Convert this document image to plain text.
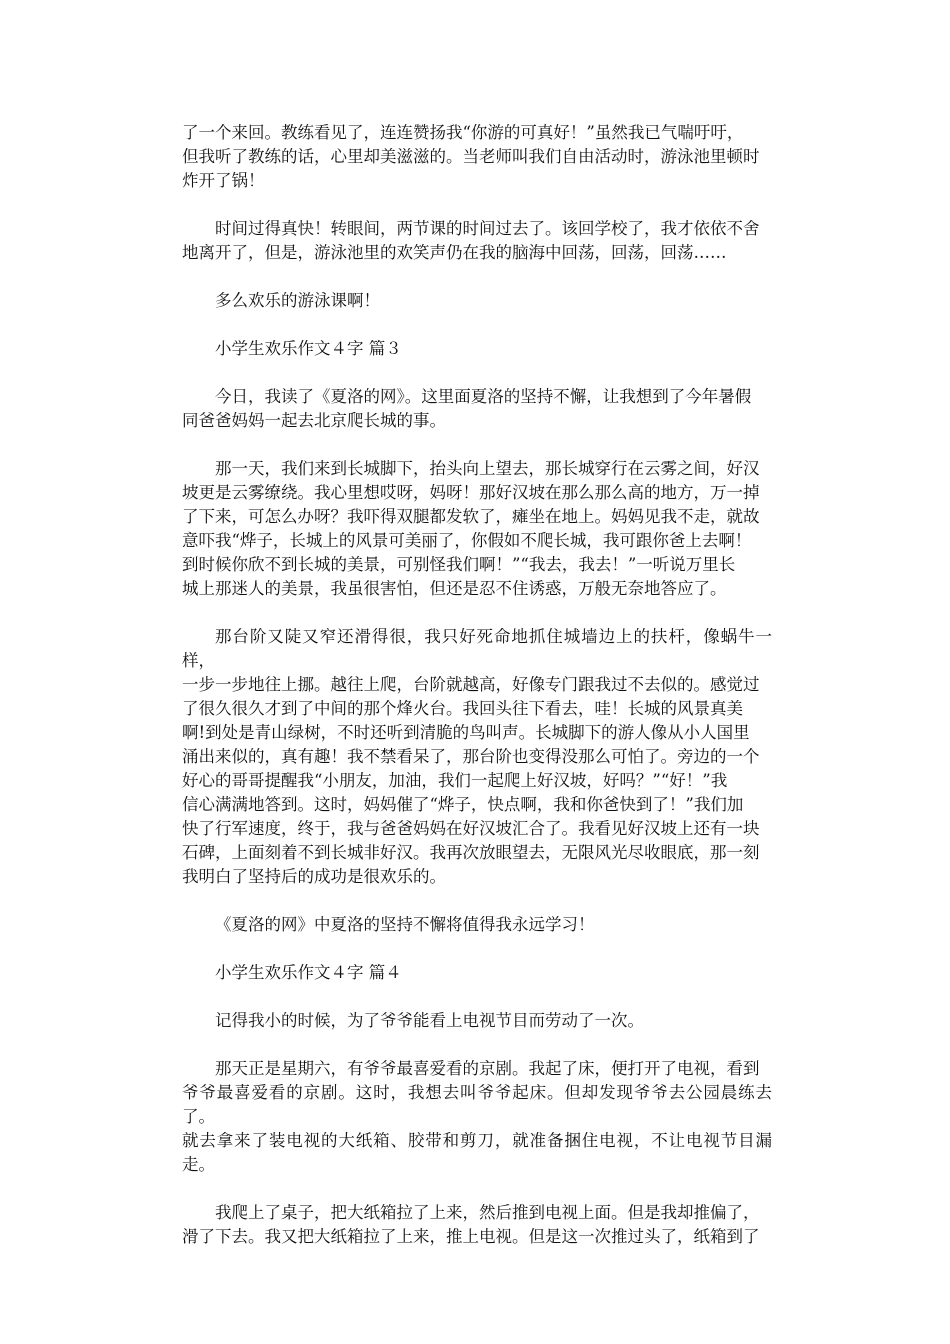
了一个来回。教练看见了，连连赞扬我“你游的可真好！”虽然我已气喘吁吁，
但我听了教练的话，心里却美滋滋的。当老师叫我们自由活动时，游泳池里顿时
炸开了锅！

时间过得真快！转眼间，两节课的时间过去了。该回学校了，我才依依不舍
地离开了，但是，游泳池里的欢笑声仍在我的脑海中回荡，回荡，回荡……

多么欢乐的游泳课啊！

小学生欢乐作文４字 篇３

今日，我读了《夏洛的网》。这里面夏洛的坚持不懈，让我想到了今年暑假
同爸爸妈妈一起去北京爬长城的事。

那一天，我们来到长城脚下，抬头向上望去，那长城穿行在云雾之间，好汉
坡更是云雾缭绕。我心里想哎呀，妈呀！那好汉坡在那么那么高的地方，万一掉
了下来，可怎么办呀？我吓得双腿都发软了，瘫坐在地上。妈妈见我不走，就故
意吓我“烨子，长城上的风景可美丽了，你假如不爬长城，我可跟你爸上去啊！
到时候你欣不到长城的美景，可别怪我们啊！”“我去，我去！”一听说万里长
城上那迷人的美景，我虽很害怕，但还是忍不住诱惑，万般无奈地答应了。

那台阶又陡又窄还滑得很，我只好死命地抓住城墙边上的扶杆，像蜗牛一样，
一步一步地往上挪。越往上爬，台阶就越高，好像专门跟我过不去似的。感觉过
了很久很久才到了中间的那个烽火台。我回头往下看去，哇！长城的风景真美
啊!到处是青山绿树，不时还听到清脆的鸟叫声。长城脚下的游人像从小人国里
涌出来似的，真有趣！我不禁看呆了，那台阶也变得没那么可怕了。旁边的一个
好心的哥哥提醒我“小朋友，加油，我们一起爬上好汉坡，好吗？”“好！”我
信心满满地答到。这时，妈妈催了“烨子，快点啊，我和你爸快到了！”我们加
快了行军速度，终于，我与爸爸妈妈在好汉坡汇合了。我看见好汉坡上还有一块
石碑，上面刻着不到长城非好汉。我再次放眼望去，无限风光尽收眼底，那一刻
我明白了坚持后的成功是很欢乐的。

《夏洛的网》中夏洛的坚持不懈将值得我永远学习！

小学生欢乐作文４字 篇４

记得我小的时候，为了爷爷能看上电视节目而劳动了一次。

那天正是星期六，有爷爷最喜爱看的京剧。我起了床，便打开了电视，看到
爷爷最喜爱看的京剧。这时，我想去叫爷爷起床。但却发现爷爷去公园晨练去了。
就去拿来了装电视的大纸箱、胶带和剪刀，就准备捆住电视，不让电视节目漏走。

我爬上了桌子，把大纸箱拉了上来，然后推到电视上面。但是我却推偏了，
滑了下去。我又把大纸箱拉了上来，推上电视。但是这一次推过头了，纸箱到了
